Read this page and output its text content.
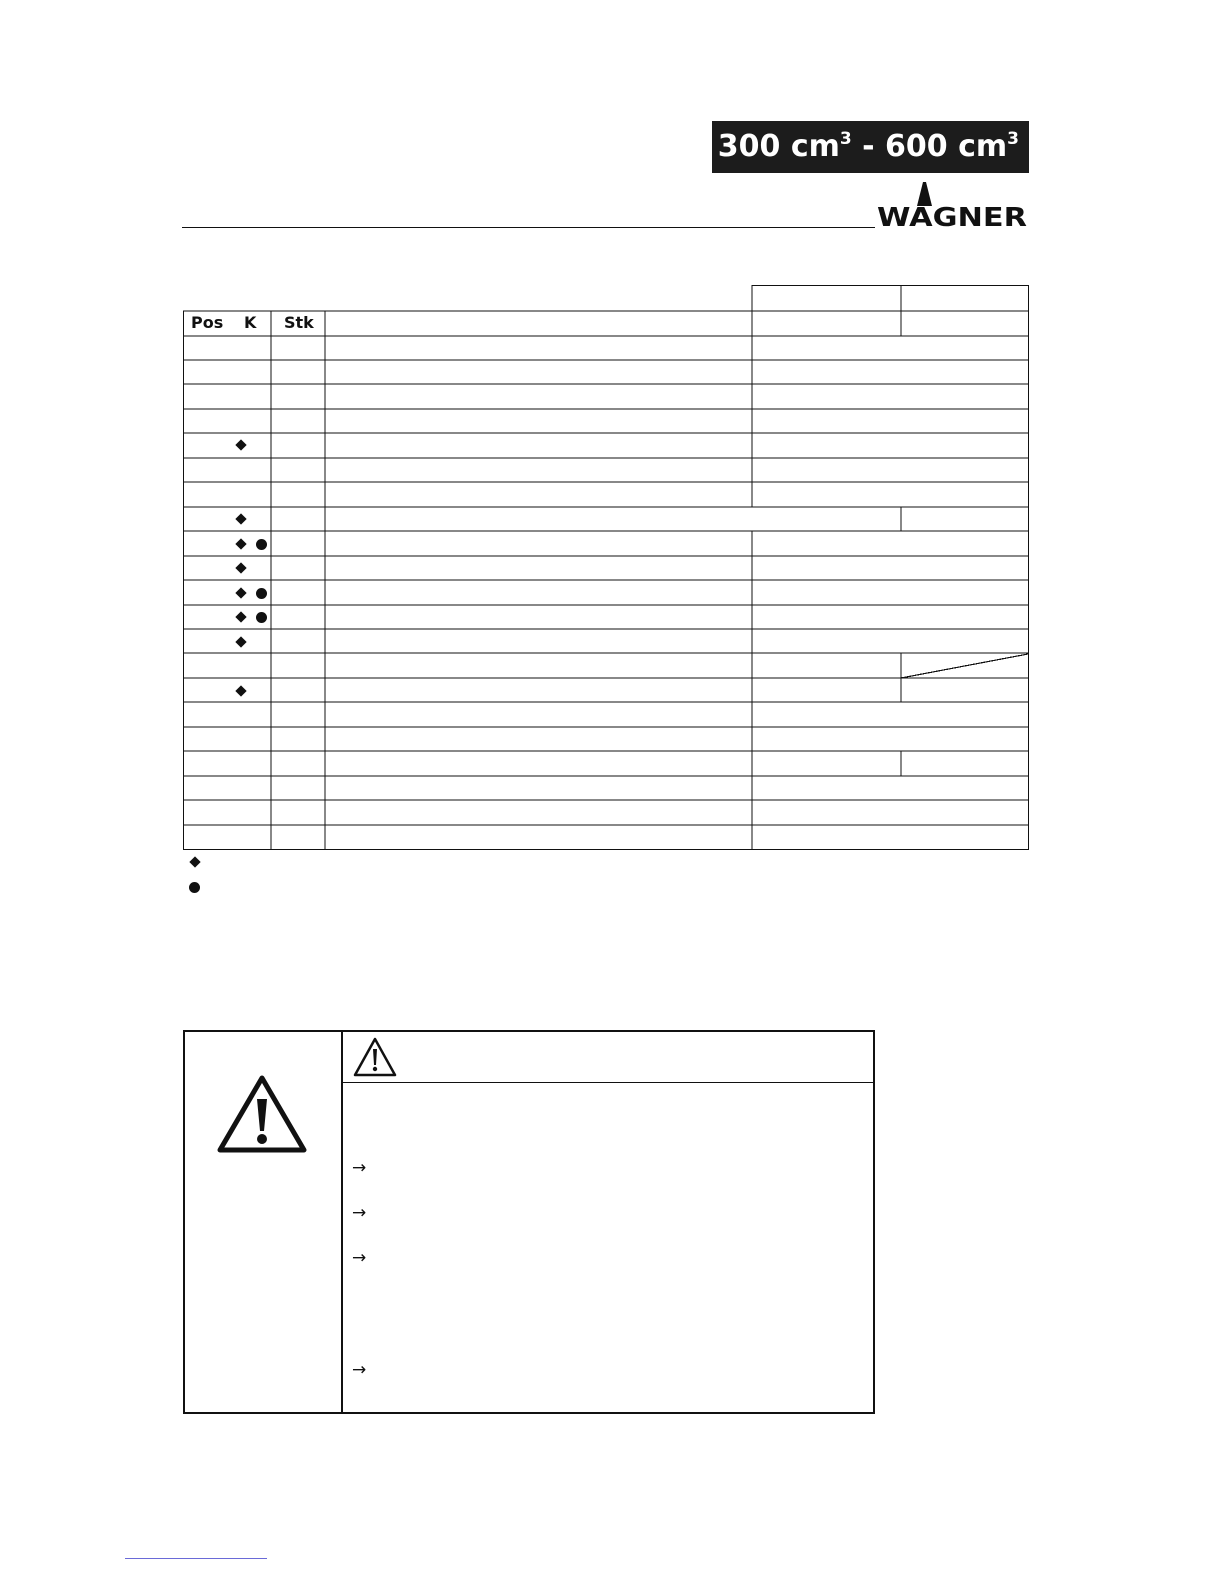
300 $cm^3 - 600$ $cm^3$
WAGNER
Pos K Stk
→
→
→
→
